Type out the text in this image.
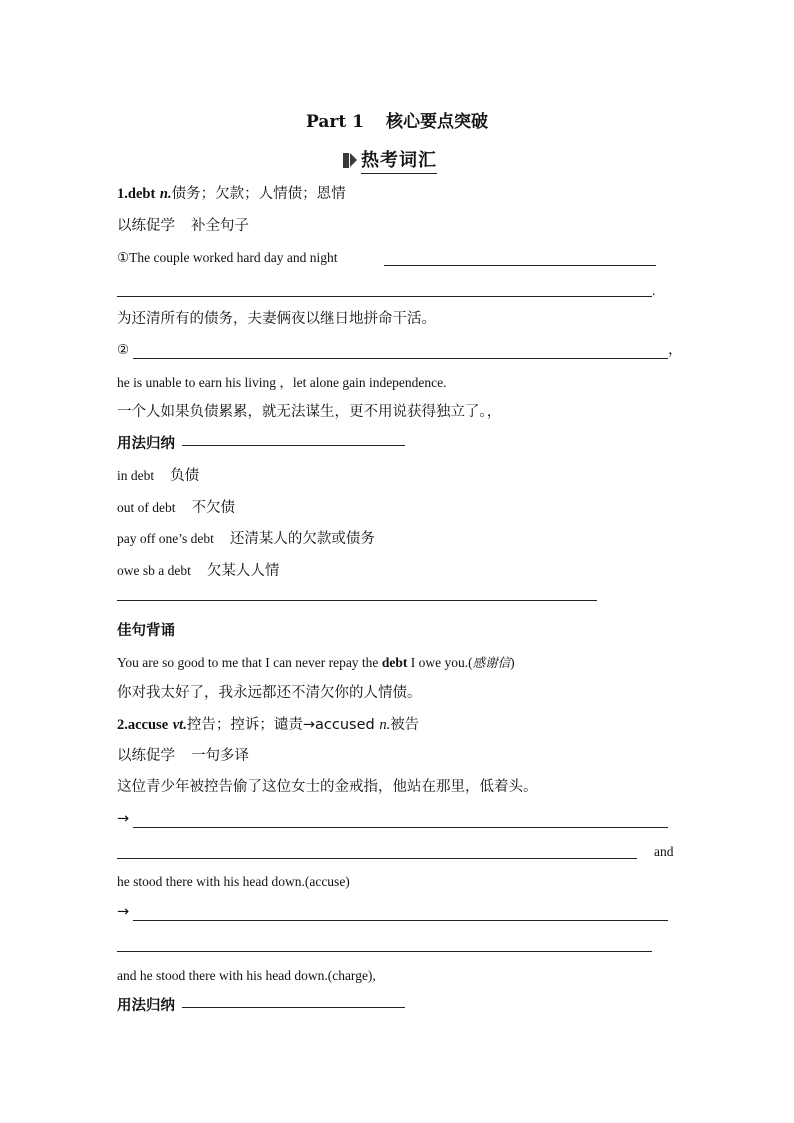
Part 1 核心要点突破
热考词汇
1.debt n.债务；欠款；人情债；恩情
以练促学 补全句子
①The couple worked hard day and night
.
为还清所有的债务，夫妻俩夜以继日地拼命干活。
②	，
he is unable to earn his living ，let alone gain independence.
一个人如果负债累累，就无法谋生，更不用说获得独立了。，
用法归纳
in debt 负债
out of debt 不欠债
pay off one’s debt 还清某人的欠款或债务
owe sb a debt 欠某人人情
佳句背诵
You are so good to me that I can never repay the debt I owe you.(感谢信)
你对我太好了，我永远都还不清欠你的人情债。
2.accuse vt.控告；控诉；谴责→accused n.被告
以练促学 一句多译
这位青少年被控告偷了这位女士的金戒指，他站在那里，低着头。
→
and
he stood there with his head down.(accuse)
→
and he stood there with his head down.(charge),
用法归纳
